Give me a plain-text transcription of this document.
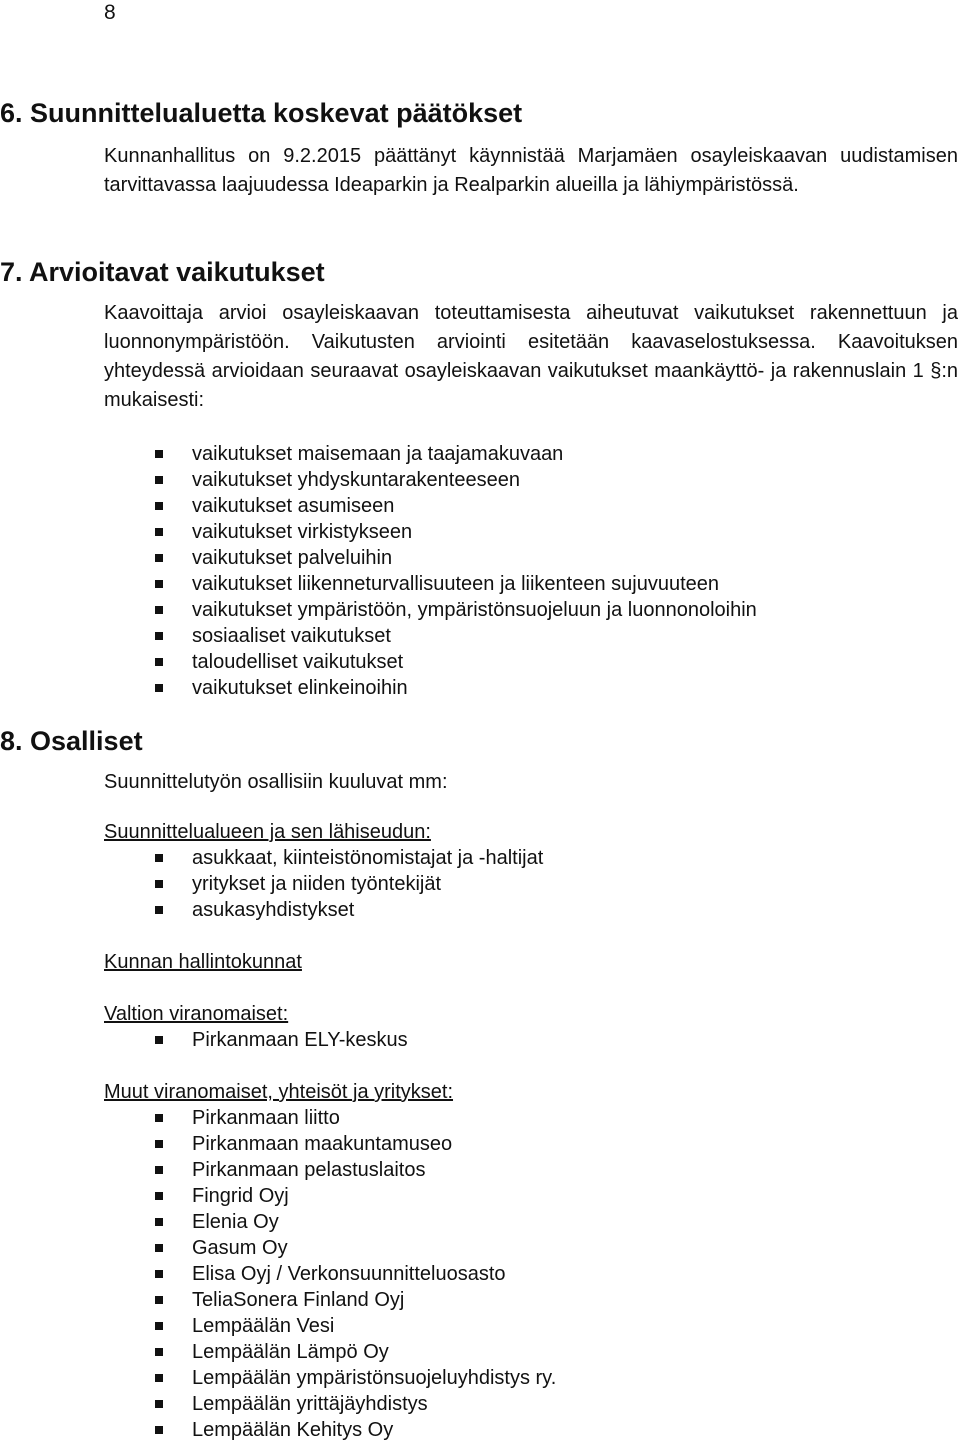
8
6. Suunnittelualuetta koskevat päätökset

Kunnanhallitus on 9.2.2015 päättänyt käynnistää Marjamäen osayleiskaavan uudistamisen tarvittavassa laajuudessa Ideaparkin ja Realparkin alueilla ja lähiympäristössä.

7. Arvioitavat vaikutukset

Kaavoittaja arvioi osayleiskaavan toteuttamisesta aiheutuvat vaikutukset rakennettuun ja luonnonympäristöön. Vaikutusten arviointi esitetään kaavaselostuksessa. Kaavoituksen yhteydessä arvioidaan seuraavat osayleiskaavan vaikutukset maankäyttö- ja rakennuslain 1 §:n mukaisesti:

vaikutukset maisemaan ja taajamakuvaan
vaikutukset yhdyskuntarakenteeseen
vaikutukset asumiseen
vaikutukset virkistykseen
vaikutukset palveluihin
vaikutukset liikenneturvallisuuteen ja liikenteen sujuvuuteen
vaikutukset ympäristöön, ympäristönsuojeluun ja luonnonoloihin
sosiaaliset vaikutukset
taloudelliset vaikutukset
vaikutukset elinkeinoihin
8. Osalliset
Suunnittelutyön osallisiin kuuluvat mm:
Suunnittelualueen ja sen lähiseudun:
asukkaat, kiinteistönomistajat ja -haltijat
yritykset ja niiden työntekijät
asukasyhdistykset
Kunnan hallintokunnat
Valtion viranomaiset:
Pirkanmaan ELY-keskus
Muut viranomaiset, yhteisöt ja yritykset:
Pirkanmaan liitto
Pirkanmaan maakuntamuseo
Pirkanmaan pelastuslaitos
Fingrid Oyj
Elenia Oy
Gasum Oy
Elisa Oyj / Verkonsuunnitteluosasto
TeliaSonera Finland Oyj
Lempäälän Vesi
Lempäälän Lämpö Oy
Lempäälän ympäristönsuojeluyhdistys ry.
Lempäälän yrittäjäyhdistys
Lempäälän Kehitys Oy
